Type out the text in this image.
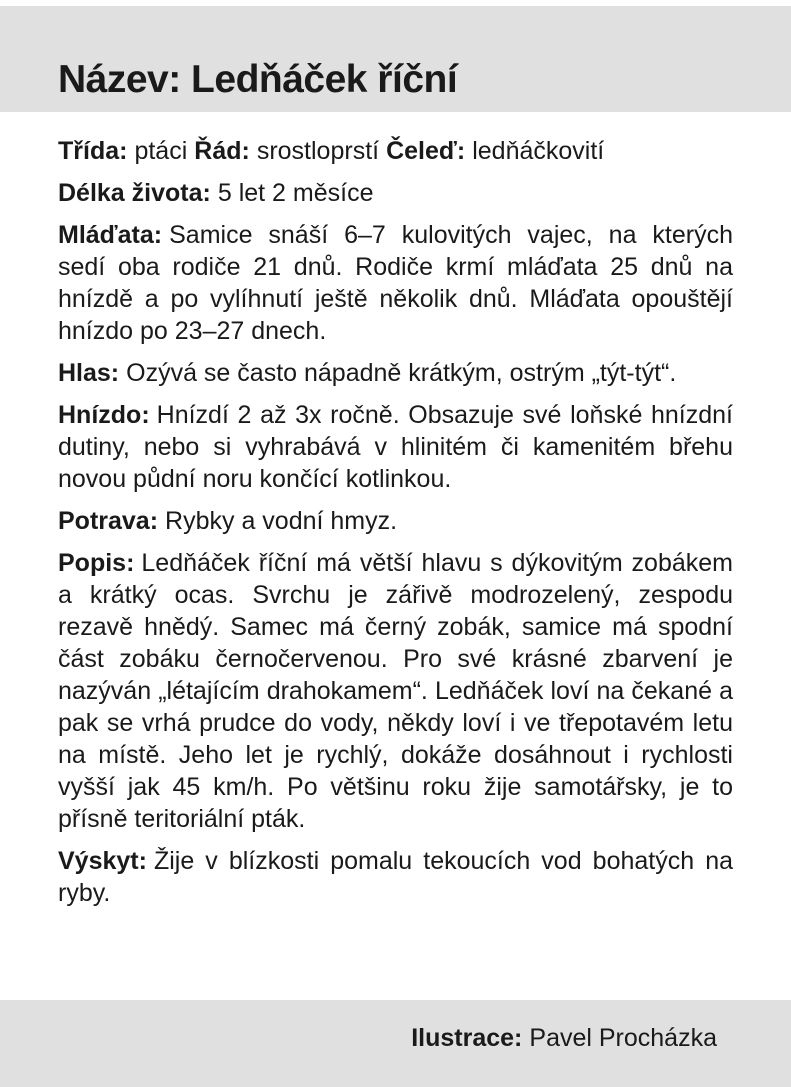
Název: Ledňáček říční

Třída: ptáci Řád: srostloprstí Čeleď: ledňáčkovití

Délka života: 5 let 2 měsíce

Mláďata: Samice snáší 6–7 kulovitých vajec, na kterých sedí oba rodiče 21 dnů. Rodiče krmí mláďata 25 dnů na hnízdě a po vylíhnutí ještě několik dnů. Mláďata opouštějí hnízdo po 23–27 dnech.

Hlas: Ozývá se často nápadně krátkým, ostrým „týt-týt“.

Hnízdo: Hnízdí 2 až 3x ročně. Obsazuje své loňské hnízdní dutiny, nebo si vyhrabává v hlinitém či kamenitém břehu novou půdní noru končící kotlinkou.

Potrava: Rybky a vodní hmyz.

Popis: Ledňáček říční má větší hlavu s dýkovitým zobákem a krátký ocas. Svrchu je zářivě modrozelený, zespodu rezavě hnědý. Samec má černý zobák, samice má spodní část zobáku černočervenou. Pro své krásné zbarvení je nazýván „létajícím drahokamem“. Ledňáček loví na čekané a pak se vrhá prudce do vody, někdy loví i ve třepotavém letu na místě. Jeho let je rychlý, dokáže dosáhnout i rychlosti vyšší jak 45 km/h. Po většinu roku žije samotářsky, je to přísně teritoriální pták.

Výskyt: Žije v blízkosti pomalu tekoucích vod bohatých na ryby.

Ilustrace: Pavel Procházka
